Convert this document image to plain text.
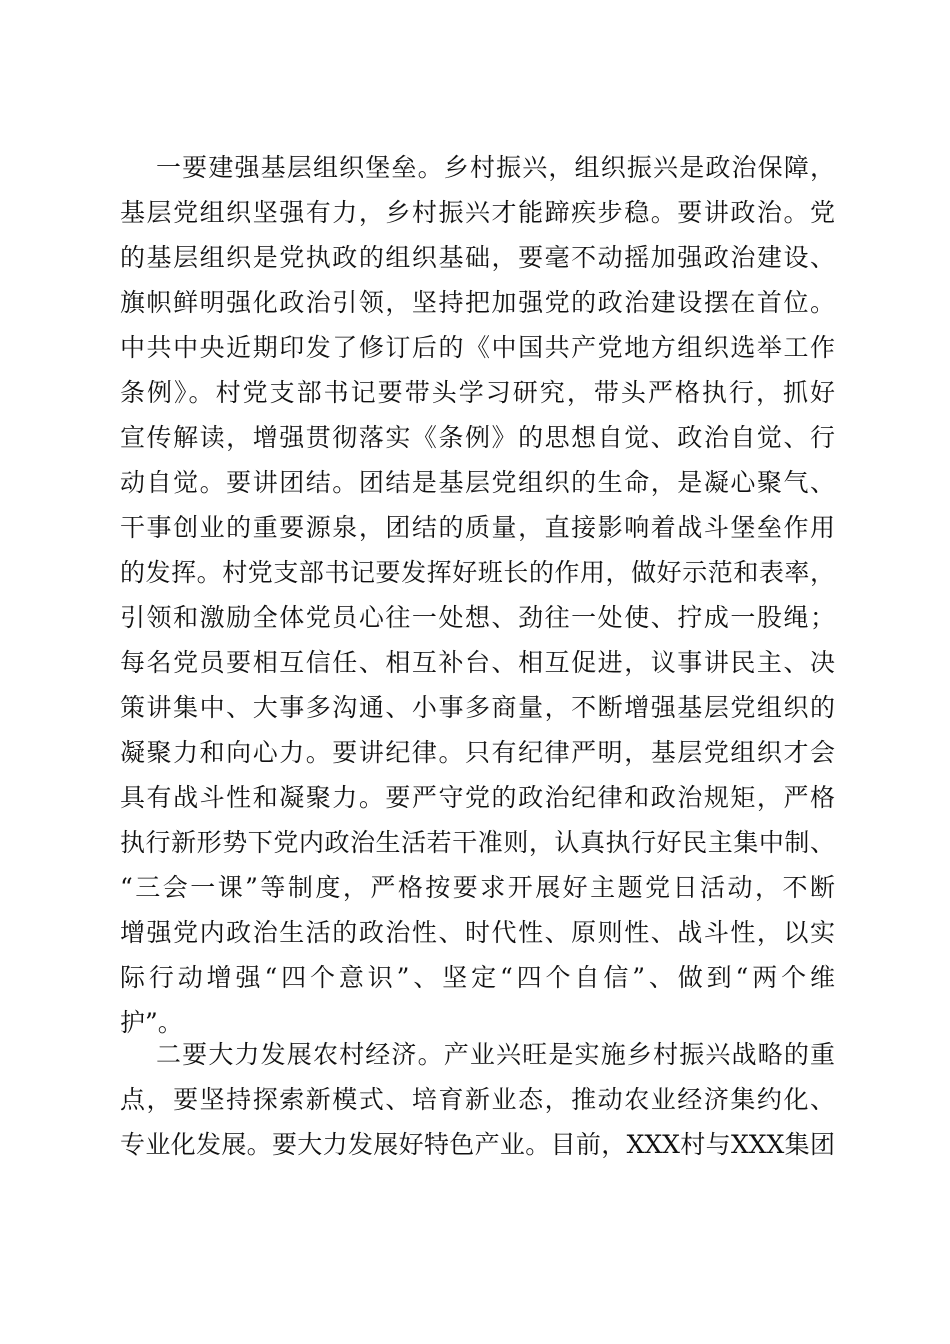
一要建强基层组织堡垒。乡村振兴，组织振兴是政治保障，
基层党组织坚强有力，乡村振兴才能蹄疾步稳。要讲政治。党
的基层组织是党执政的组织基础，要毫不动摇加强政治建设、
旗帜鲜明强化政治引领，坚持把加强党的政治建设摆在首位。
中共中央近期印发了修订后的《中国共产党地方组织选举工作
条例》。村党支部书记要带头学习研究，带头严格执行，抓好
宣传解读，增强贯彻落实《条例》的思想自觉、政治自觉、行
动自觉。要讲团结。团结是基层党组织的生命，是凝心聚气、
干事创业的重要源泉，团结的质量，直接影响着战斗堡垒作用
的发挥。村党支部书记要发挥好班长的作用，做好示范和表率，
引领和激励全体党员心往一处想、劲往一处使、拧成一股绳；
每名党员要相互信任、相互补台、相互促进，议事讲民主、决
策讲集中、大事多沟通、小事多商量，不断增强基层党组织的
凝聚力和向心力。要讲纪律。只有纪律严明，基层党组织才会
具有战斗性和凝聚力。要严守党的政治纪律和政治规矩，严格
执行新形势下党内政治生活若干准则，认真执行好民主集中制、
“三会一课”等制度，严格按要求开展好主题党日活动，不断
增强党内政治生活的政治性、时代性、原则性、战斗性，以实
际行动增强“四个意识”、坚定“四个自信”、做到“两个维
护”。
二要大力发展农村经济。产业兴旺是实施乡村振兴战略的重
点，要坚持探索新模式、培育新业态，推动农业经济集约化、
专业化发展。要大力发展好特色产业。目前，XXX村与XXX集团
